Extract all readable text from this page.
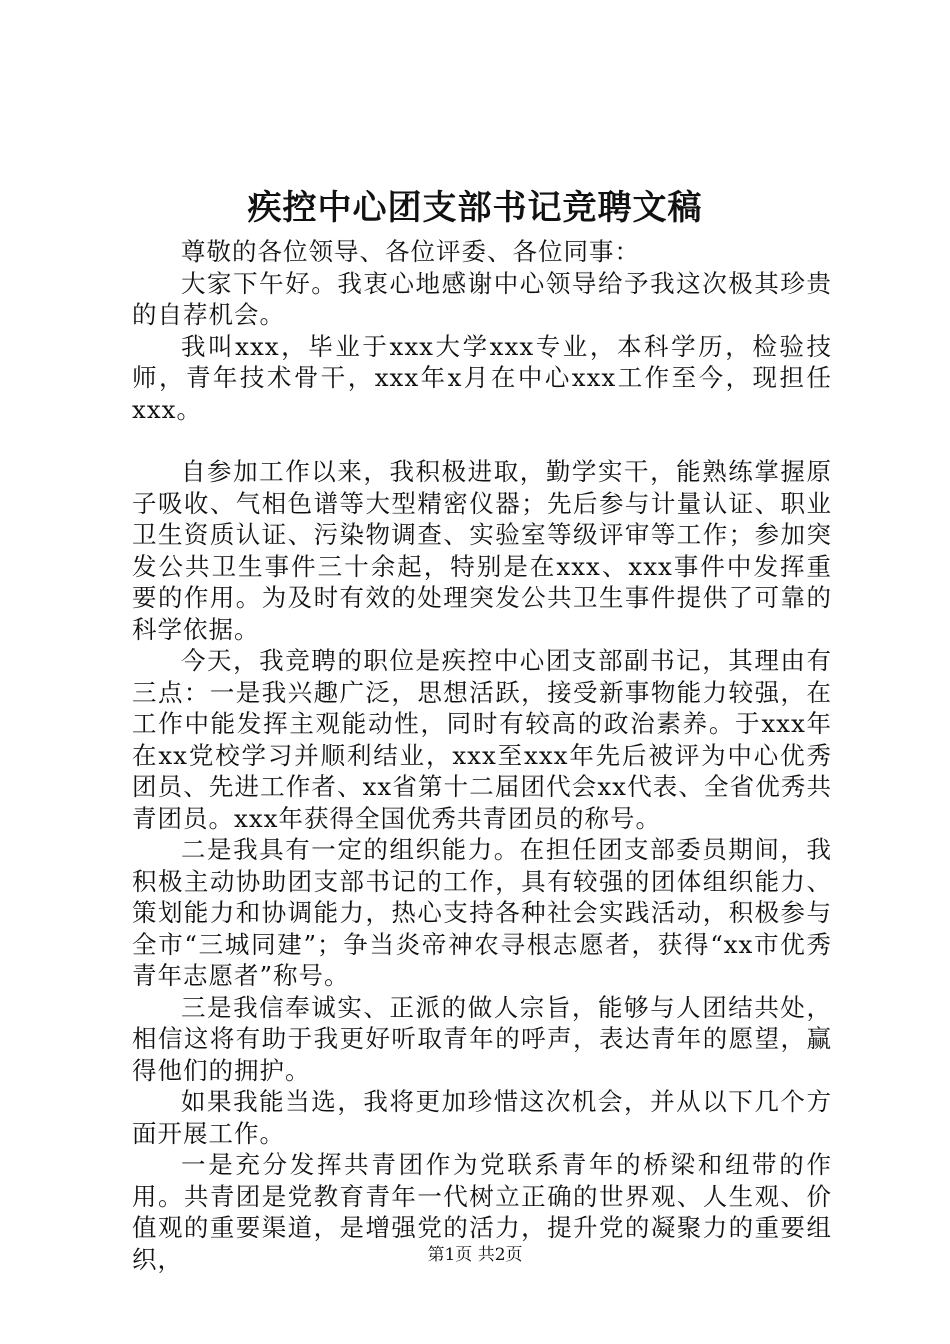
疾控中心团支部书记竞聘文稿

尊敬的各位领导、各位评委、各位同事：

大家下午好。我衷心地感谢中心领导给予我这次极其珍贵的自荐机会。

我叫xxx，毕业于xxx大学xxx专业，本科学历，检验技师，青年技术骨干，xxx年x月在中心xxx工作至今，现担任xxx。

自参加工作以来，我积极进取，勤学实干，能熟练掌握原子吸收、气相色谱等大型精密仪器；先后参与计量认证、职业卫生资质认证、污染物调查、实验室等级评审等工作；参加突发公共卫生事件三十余起，特别是在xxx、xxx事件中发挥重要的作用。为及时有效的处理突发公共卫生事件提供了可靠的科学依据。

今天，我竞聘的职位是疾控中心团支部副书记，其理由有三点：一是我兴趣广泛，思想活跃，接受新事物能力较强，在工作中能发挥主观能动性，同时有较高的政治素养。于xxx年在xx党校学习并顺利结业，xxx至xxx年先后被评为中心优秀团员、先进工作者、xx省第十二届团代会xx代表、全省优秀共青团员。xxx年获得全国优秀共青团员的称号。

二是我具有一定的组织能力。在担任团支部委员期间，我积极主动协助团支部书记的工作，具有较强的团体组织能力、策划能力和协调能力，热心支持各种社会实践活动，积极参与全市“三城同建”；争当炎帝神农寻根志愿者，获得“xx市优秀青年志愿者”称号。

三是我信奉诚实、正派的做人宗旨，能够与人团结共处，相信这将有助于我更好听取青年的呼声，表达青年的愿望，赢得他们的拥护。

如果我能当选，我将更加珍惜这次机会，并从以下几个方面开展工作。

一是充分发挥共青团作为党联系青年的桥梁和纽带的作用。共青团是党教育青年一代树立正确的世界观、人生观、价值观的重要渠道，是增强党的活力，提升党的凝聚力的重要组织，	第1页 共2页
